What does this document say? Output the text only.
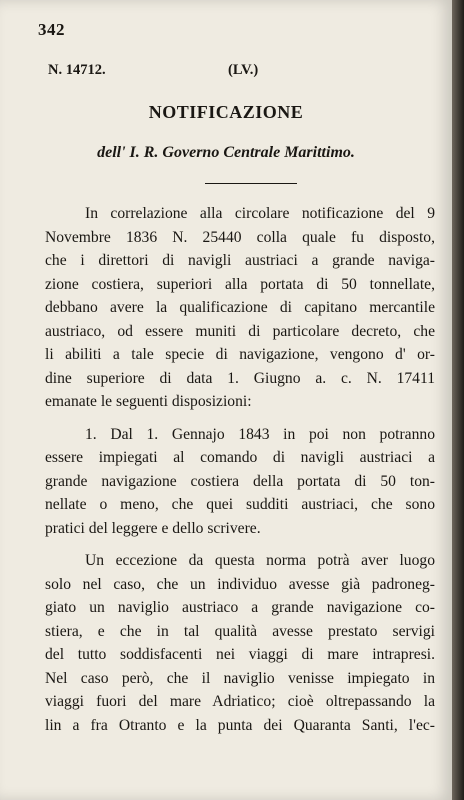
342
N. 14712.	(LV.)
NOTIFICAZIONE
dell' I. R. Governo Centrale Marittimo.
In correlazione alla circolare notificazione del 9
Novembre 1836 N. 25440 colla quale fu disposto,
che i direttori di navigli austriaci a grande naviga-
zione costiera, superiori alla portata di 50 tonnellate,
debbano avere la qualificazione di capitano mercantile
austriaco, od essere muniti di particolare decreto, che
li abiliti a tale specie di navigazione, vengono d' or-
dine superiore di data 1. Giugno a. c. N. 17411
emanate le seguenti disposizioni:
1. Dal 1. Gennajo 1843 in poi non potranno
essere impiegati al comando di navigli austriaci a
grande navigazione costiera della portata di 50 ton-
nellate o meno, che quei sudditi austriaci, che sono
pratici del leggere e dello scrivere.
Un eccezione da questa norma potrà aver luogo
solo nel caso, che un individuo avesse già padroneg-
giato un naviglio austriaco a grande navigazione co-
stiera, e che in tal qualità avesse prestato servigi
del tutto soddisfacenti nei viaggi di mare intrapresi.
Nel caso però, che il naviglio venisse impiegato in
viaggi fuori del mare Adriatico; cioè oltrepassando la
lin a fra Otranto e la punta dei Quaranta Santi, l'ec-
